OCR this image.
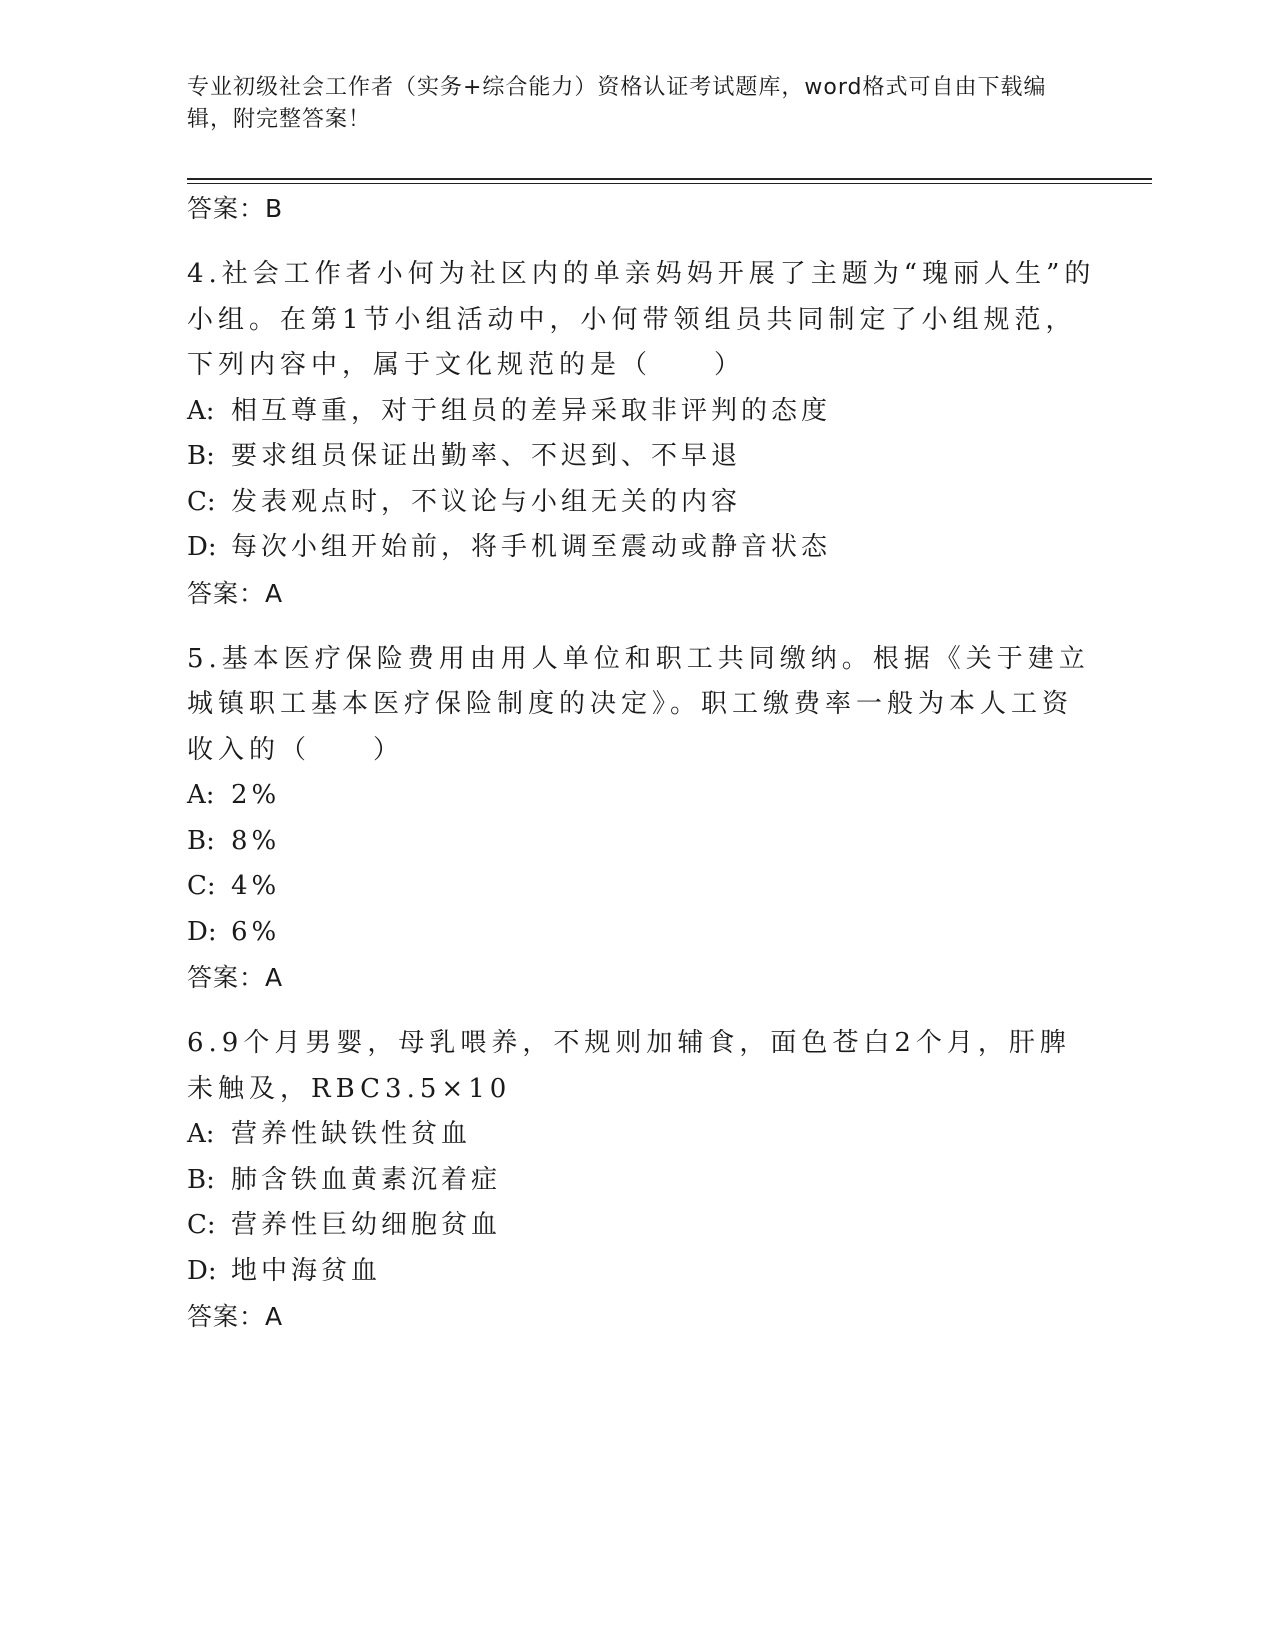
专业初级社会工作者（实务+综合能力）资格认证考试题库，word格式可自由下载编辑，附完整答案！
答案：B
4.社会工作者小何为社区内的单亲妈妈开展了主题为“瑰丽人生”的小组。在第1节小组活动中，小何带领组员共同制定了小组规范，下列内容中，属于文化规范的是（　　）
A: 相互尊重，对于组员的差异采取非评判的态度
B: 要求组员保证出勤率、不迟到、不早退
C: 发表观点时，不议论与小组无关的内容
D: 每次小组开始前，将手机调至震动或静音状态
答案：A
5.基本医疗保险费用由用人单位和职工共同缴纳。根据《关于建立城镇职工基本医疗保险制度的决定》。职工缴费率一般为本人工资收入的（　　）
A: 2%
B: 8%
C: 4%
D: 6%
答案：A
6.9个月男婴，母乳喂养，不规则加辅食，面色苍白2个月，肝脾未触及，RBC3.5×10
A: 营养性缺铁性贫血
B: 肺含铁血黄素沉着症
C: 营养性巨幼细胞贫血
D: 地中海贫血
答案：A
